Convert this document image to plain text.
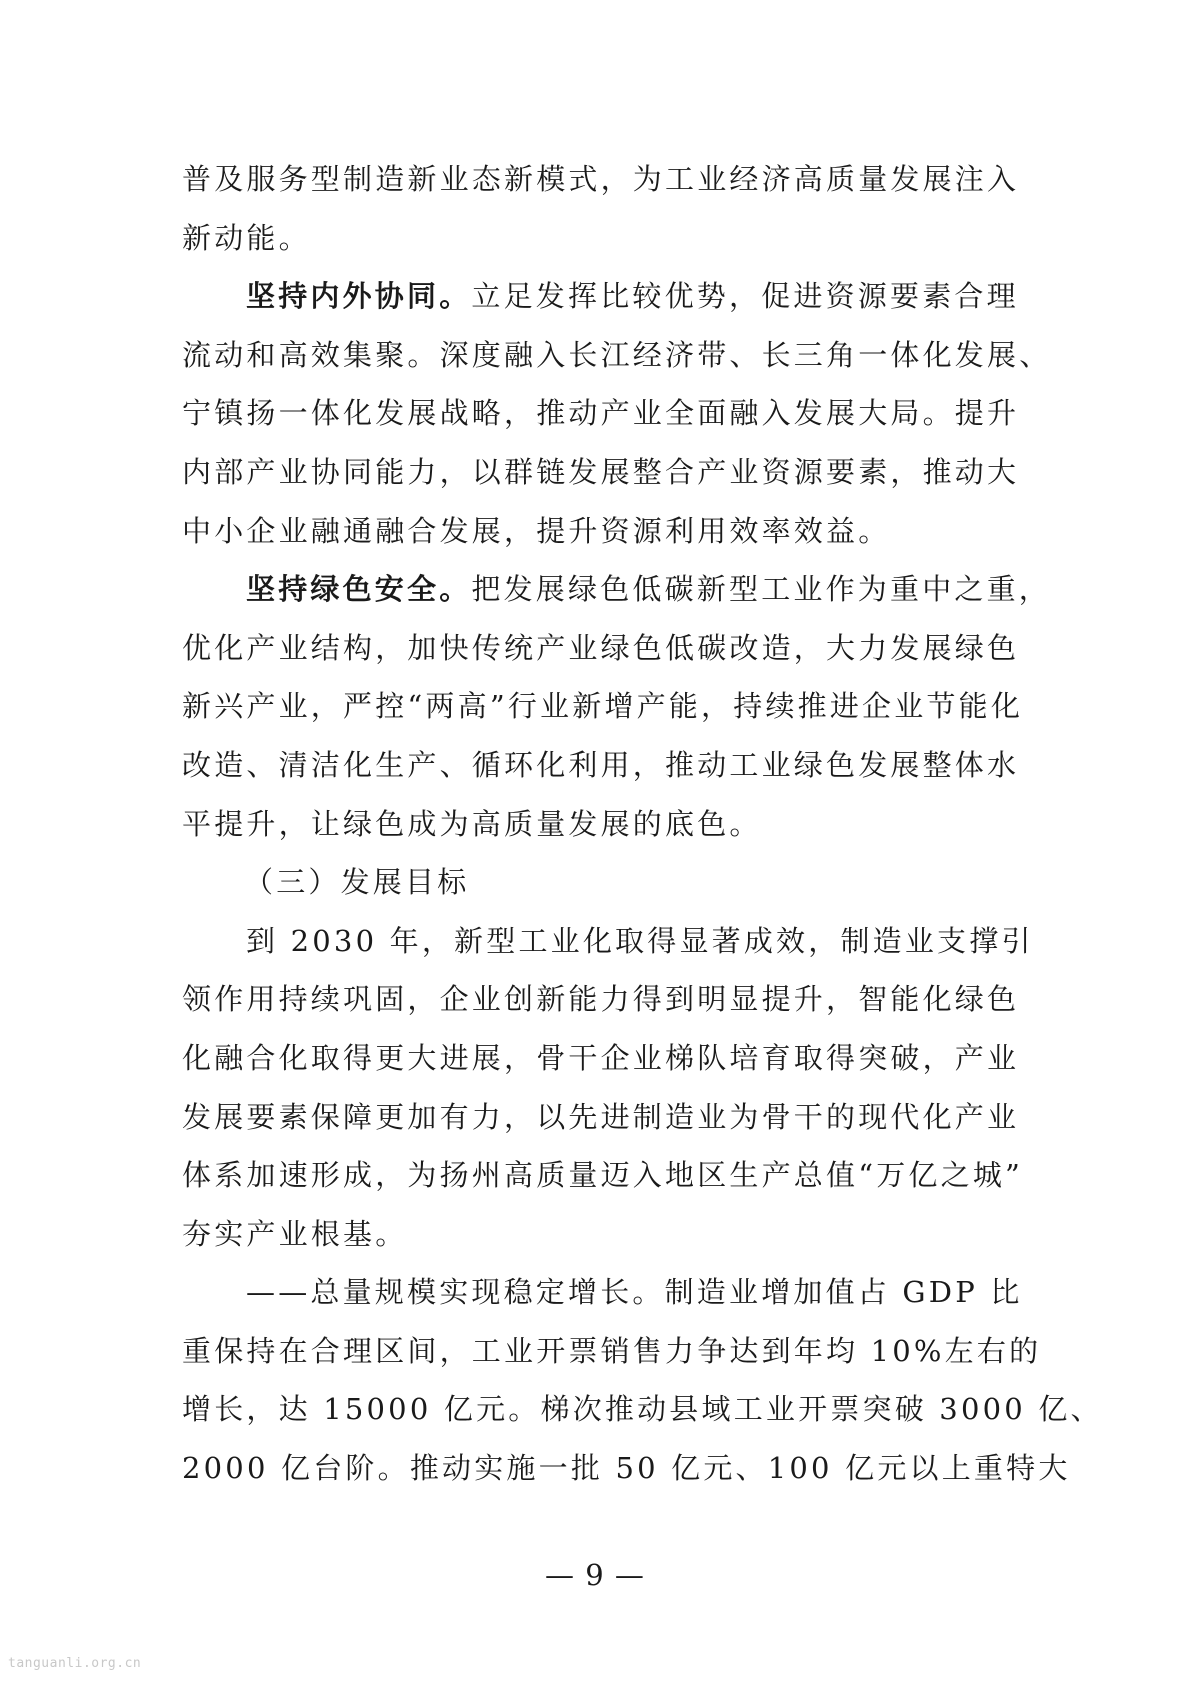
普及服务型制造新业态新模式，为工业经济高质量发展注入
新动能。
坚持内外协同。立足发挥比较优势，促进资源要素合理
流动和高效集聚。深度融入长江经济带、长三角一体化发展、
宁镇扬一体化发展战略，推动产业全面融入发展大局。提升
内部产业协同能力，以群链发展整合产业资源要素，推动大
中小企业融通融合发展，提升资源利用效率效益。
坚持绿色安全。把发展绿色低碳新型工业作为重中之重，
优化产业结构，加快传统产业绿色低碳改造，大力发展绿色
新兴产业，严控“两高”行业新增产能，持续推进企业节能化
改造、清洁化生产、循环化利用，推动工业绿色发展整体水
平提升，让绿色成为高质量发展的底色。
（三）发展目标
到 2030 年，新型工业化取得显著成效，制造业支撑引
领作用持续巩固，企业创新能力得到明显提升，智能化绿色
化融合化取得更大进展，骨干企业梯队培育取得突破，产业
发展要素保障更加有力，以先进制造业为骨干的现代化产业
体系加速形成，为扬州高质量迈入地区生产总值“万亿之城”
夯实产业根基。
——总量规模实现稳定增长。制造业增加值占 GDP 比
重保持在合理区间，工业开票销售力争达到年均 10%左右的
增长，达 15000 亿元。梯次推动县域工业开票突破 3000 亿、
2000 亿台阶。推动实施一批 50 亿元、100 亿元以上重特大
— 9 —
tanguanli.org.cn
